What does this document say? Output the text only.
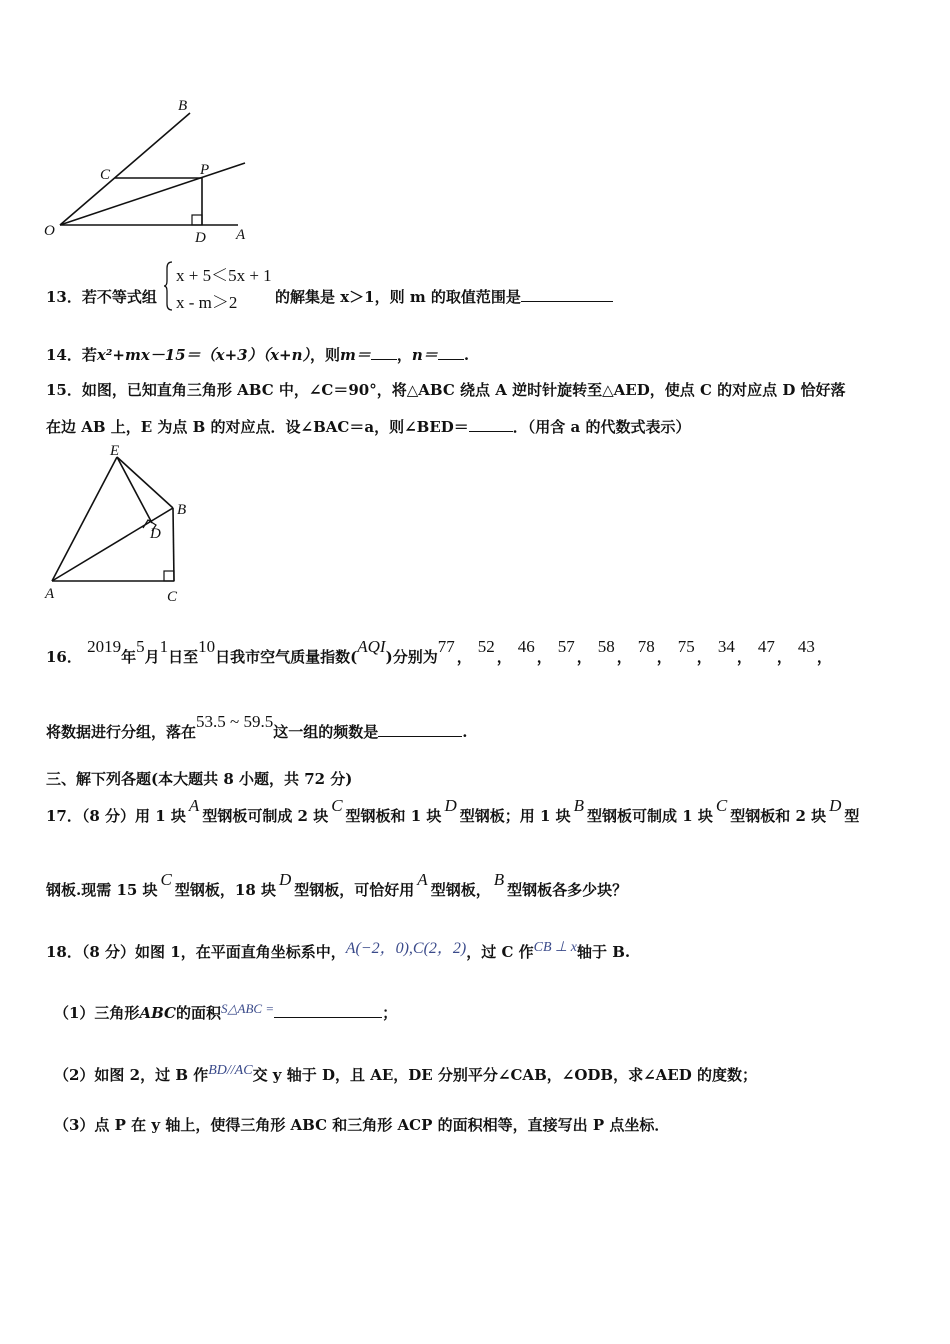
B
C	P
O	D A
13．若不等式组
x + 5＜5x + 1
x - m＞2	的解集是 x＞1，则 m 的取值范围是
14．若x²+mx－15＝（x+3）（x+n），则m＝ ，n＝ .
15．如图，已知直角三角形 ABC 中，∠C＝90°，将△ABC 绕点 A 逆时针旋转至△AED，使点 C 的对应点 D 恰好落
在边 AB 上，E 为点 B 的对应点．设∠BAC＝a，则∠BED＝	．（用含 a 的代数式表示）
E
B
D
A	C
16． 2019年5月1日至10日我市空气质量指数(AQI)分别为77，52，46，57，58，78，75，34，47，43，
将数据进行分组，落在53.5 ~ 59.5这一组的频数是	.
三、解下列各题(本大题共 8 小题，共 72 分)
17．（8 分）用 1 块A型钢板可制成 2 块C型钢板和 1 块D型钢板；用 1 块B型钢板可制成 1 块C型钢板和 2 块D型
钢板.现需 15 块C型钢板，18 块D型钢板，可恰好用A型钢板，B型钢板各多少块？
18．（8 分）如图 1，在平面直角坐标系中，A(−2，0),C(2，2)，过 C 作CB ⊥ x轴于 B.
（1）三角形ABC的面积S△ABC =	；
（2）如图 2，过 B 作BD//AC交 y 轴于 D，且 AE，DE 分别平分∠CAB，∠ODB，求∠AED 的度数；
（3）点 P 在 y 轴上，使得三角形 ABC 和三角形 ACP 的面积相等，直接写出 P 点坐标．
